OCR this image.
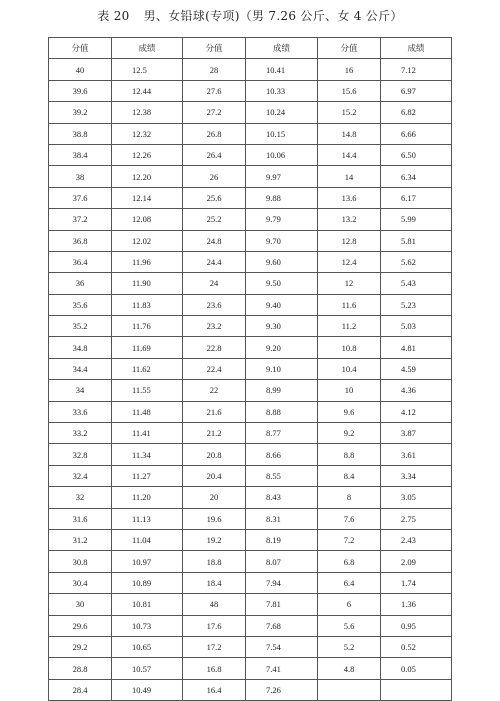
表 20 男、女铅球(专项)（男 7.26 公斤、女 4 公斤）
分值	成绩	分值	成绩	分值	成绩
40	12.5	28	10.41	16	7.12
39.6	12.44	27.6	10.33	15.6	6.97
39.2	12.38	27.2	10.24	15.2	6.82
38.8	12.32	26.8	10.15	14.8	6.66
38.4	12.26	26.4	10.06	14.4	6.50
38	12.20	26	9.97	14	6.34
37.6	12.14	25.6	9.88	13.6	6.17
37.2	12.08	25.2	9.79	13.2	5.99
36.8	12.02	24.8	9.70	12.8	5.81
36.4	11.96	24.4	9.60	12.4	5.62
36	11.90	24	9.50	12	5.43
35.6	11.83	23.6	9.40	11.6	5.23
35.2	11.76	23.2	9.30	11.2	5.03
34.8	11.69	22.8	9.20	10.8	4.81
34.4	11.62	22.4	9.10	10.4	4.59
34	11.55	22	8.99	10	4.36
33.6	11.48	21.6	8.88	9.6	4.12
33.2	11.41	21.2	8.77	9.2	3.87
32.8	11.34	20.8	8.66	8.8	3.61
32.4	11.27	20.4	8.55	8.4	3.34
32	11.20	20	8.43	8	3.05
31.6	11.13	19.6	8.31	7.6	2.75
31.2	11.04	19.2	8.19	7.2	2.43
30.8	10.97	18.8	8.07	6.8	2.09
30.4	10.89	18.4	7.94	6.4	1.74
30	10.81	48	7.81	6	1.36
29.6	10.73	17.6	7.68	5.6	0.95
29.2	10.65	17.2	7.54	5.2	0.52
28.8	10.57	16.8	7.41	4.8	0.05
28.4	10.49	16.4	7.26		
